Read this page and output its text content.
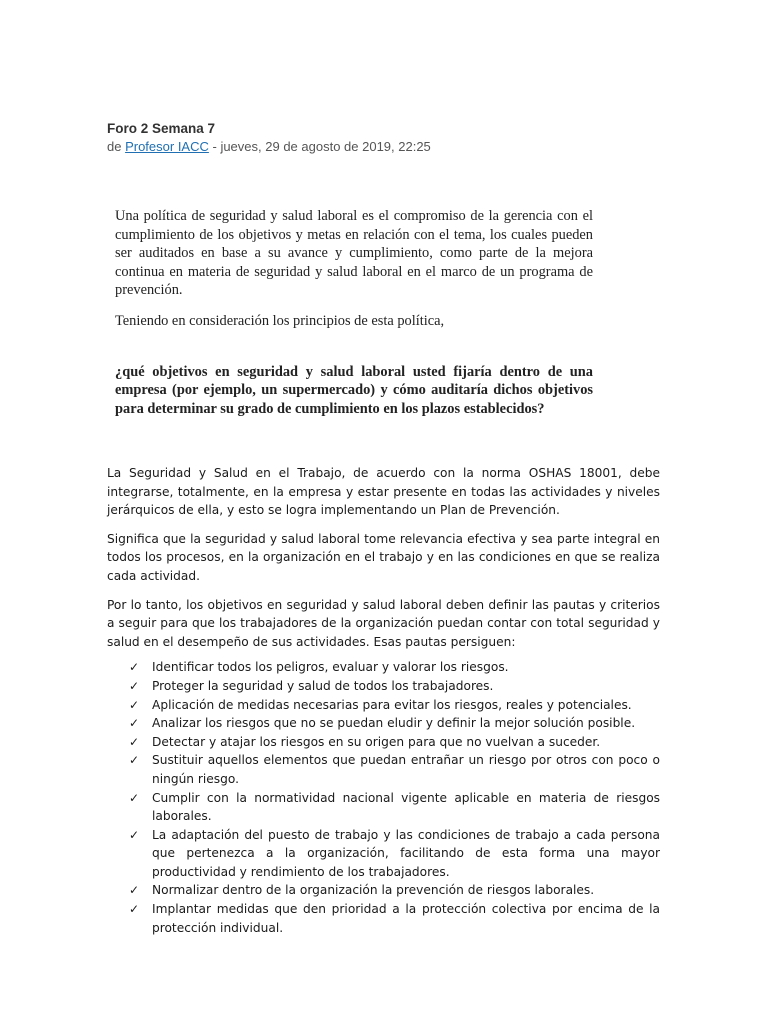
Foro 2 Semana 7
de Profesor IACC - jueves, 29 de agosto de 2019, 22:25

Una política de seguridad y salud laboral es el compromiso de la gerencia con el cumplimiento de los objetivos y metas en relación con el tema, los cuales pueden ser auditados en base a su avance y cumplimiento, como parte de la mejora continua en materia de seguridad y salud laboral en el marco de un programa de prevención.

Teniendo en consideración los principios de esta política,

¿qué objetivos en seguridad y salud laboral usted fijaría dentro de una empresa (por ejemplo, un supermercado) y cómo auditaría dichos objetivos para determinar su grado de cumplimiento en los plazos establecidos?

La Seguridad y Salud en el Trabajo, de acuerdo con la norma OSHAS 18001, debe integrarse, totalmente, en la empresa y estar presente en todas las actividades y niveles jerárquicos de ella, y esto se logra implementando un Plan de Prevención.

Significa que la seguridad y salud laboral tome relevancia efectiva y sea parte integral en todos los procesos, en la organización en el trabajo y en las condiciones en que se realiza cada actividad.

Por lo tanto, los objetivos en seguridad y salud laboral deben definir las pautas y criterios a seguir para que los trabajadores de la organización puedan contar con total seguridad y salud en el desempeño de sus actividades. Esas pautas persiguen:

✓ Identificar todos los peligros, evaluar y valorar los riesgos.
✓ Proteger la seguridad y salud de todos los trabajadores.
✓ Aplicación de medidas necesarias para evitar los riesgos, reales y potenciales.
✓ Analizar los riesgos que no se puedan eludir y definir la mejor solución posible.
✓ Detectar y atajar los riesgos en su origen para que no vuelvan a suceder.
✓ Sustituir aquellos elementos que puedan entrañar un riesgo por otros con poco o ningún riesgo.
✓ Cumplir con la normatividad nacional vigente aplicable en materia de riesgos laborales.
✓ La adaptación del puesto de trabajo y las condiciones de trabajo a cada persona que pertenezca a la organización, facilitando de esta forma una mayor productividad y rendimiento de los trabajadores.
✓ Normalizar dentro de la organización la prevención de riesgos laborales.
✓ Implantar medidas que den prioridad a la protección colectiva por encima de la protección individual.
